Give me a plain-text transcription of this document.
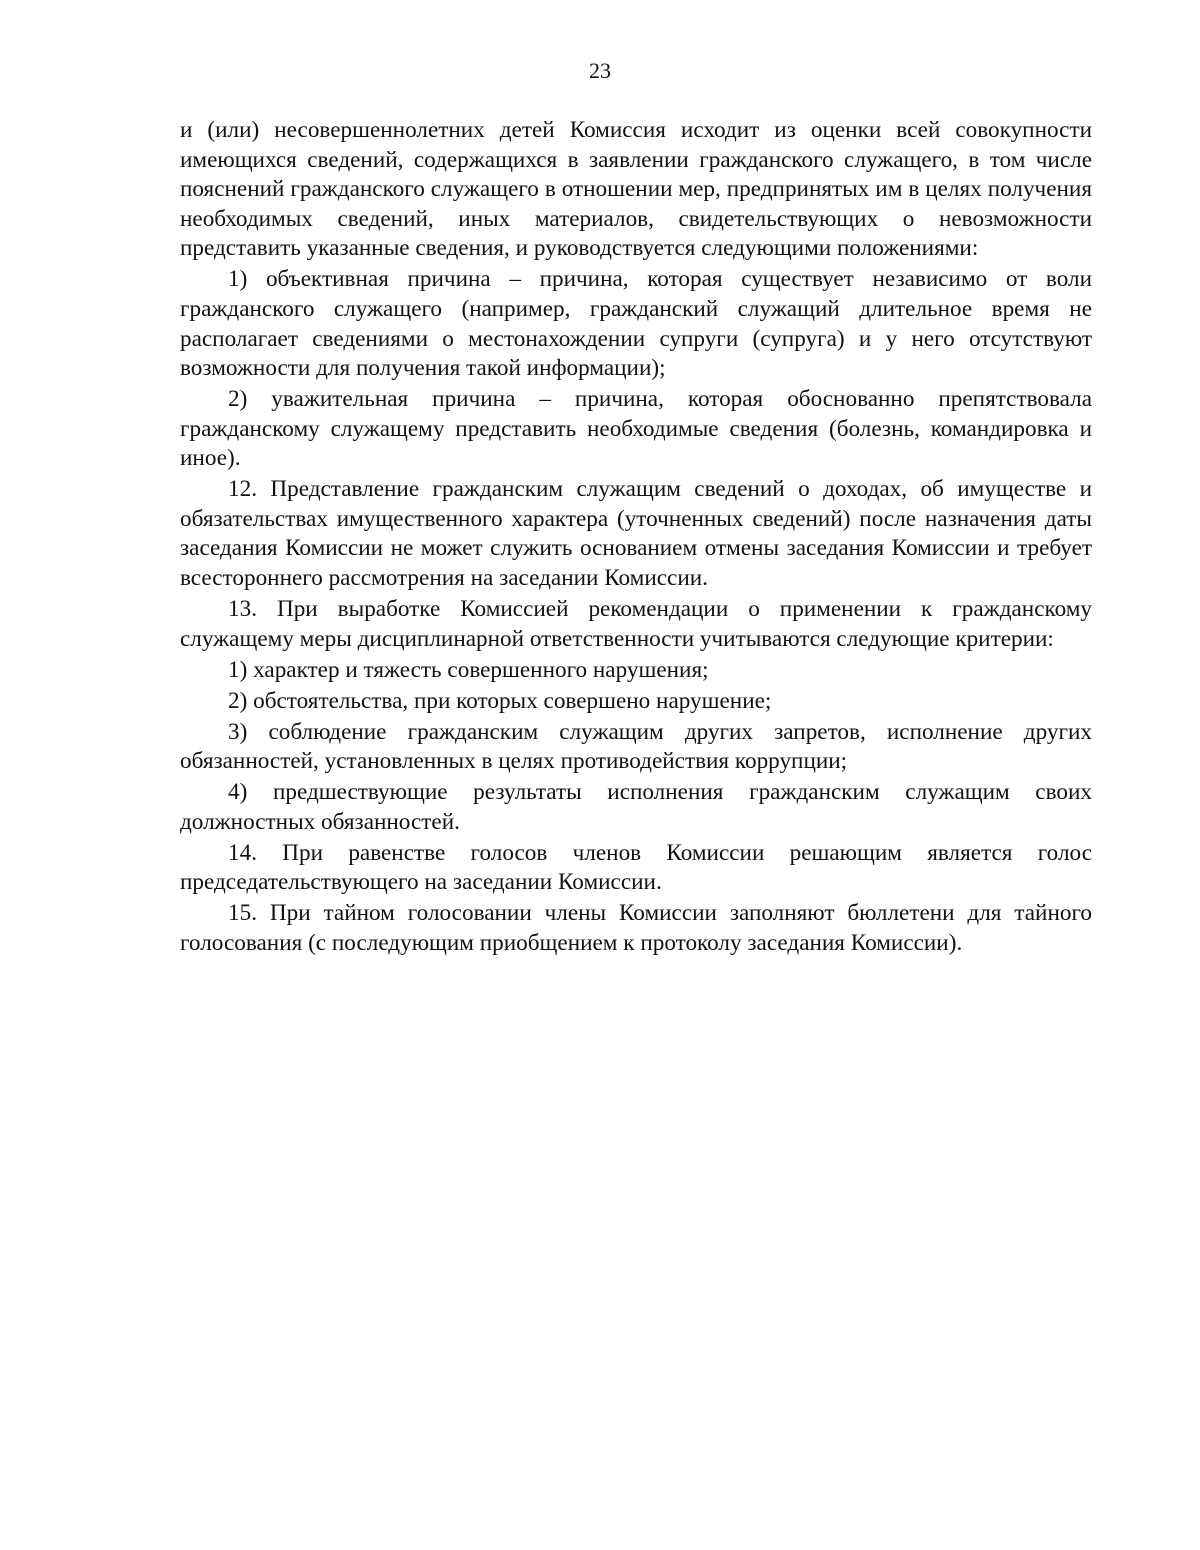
23

и (или) несовершеннолетних детей Комиссия исходит из оценки всей совокупности имеющихся сведений, содержащихся в заявлении гражданского служащего, в том числе пояснений гражданского служащего в отношении мер, предпринятых им в целях получения необходимых сведений, иных материалов, свидетельствующих о невозможности представить указанные сведения, и руководствуется следующими положениями:

1) объективная причина – причина, которая существует независимо от воли гражданского служащего (например, гражданский служащий длительное время не располагает сведениями о местонахождении супруги (супруга) и у него отсутствуют возможности для получения такой информации);

2) уважительная причина – причина, которая обоснованно препятствовала гражданскому служащему представить необходимые сведения (болезнь, командировка и иное).

12. Представление гражданским служащим сведений о доходах, об имуществе и обязательствах имущественного характера (уточненных сведений) после назначения даты заседания Комиссии не может служить основанием отмены заседания Комиссии и требует всестороннего рассмотрения на заседании Комиссии.

13. При выработке Комиссией рекомендации о применении к гражданскому служащему меры дисциплинарной ответственности учитываются следующие критерии:

1) характер и тяжесть совершенного нарушения;

2) обстоятельства, при которых совершено нарушение;

3) соблюдение гражданским служащим других запретов, исполнение других обязанностей, установленных в целях противодействия коррупции;

4) предшествующие результаты исполнения гражданским служащим своих должностных обязанностей.

14. При равенстве голосов членов Комиссии решающим является голос председательствующего на заседании Комиссии.

15. При тайном голосовании члены Комиссии заполняют бюллетени для тайного голосования (с последующим приобщением к протоколу заседания Комиссии).
